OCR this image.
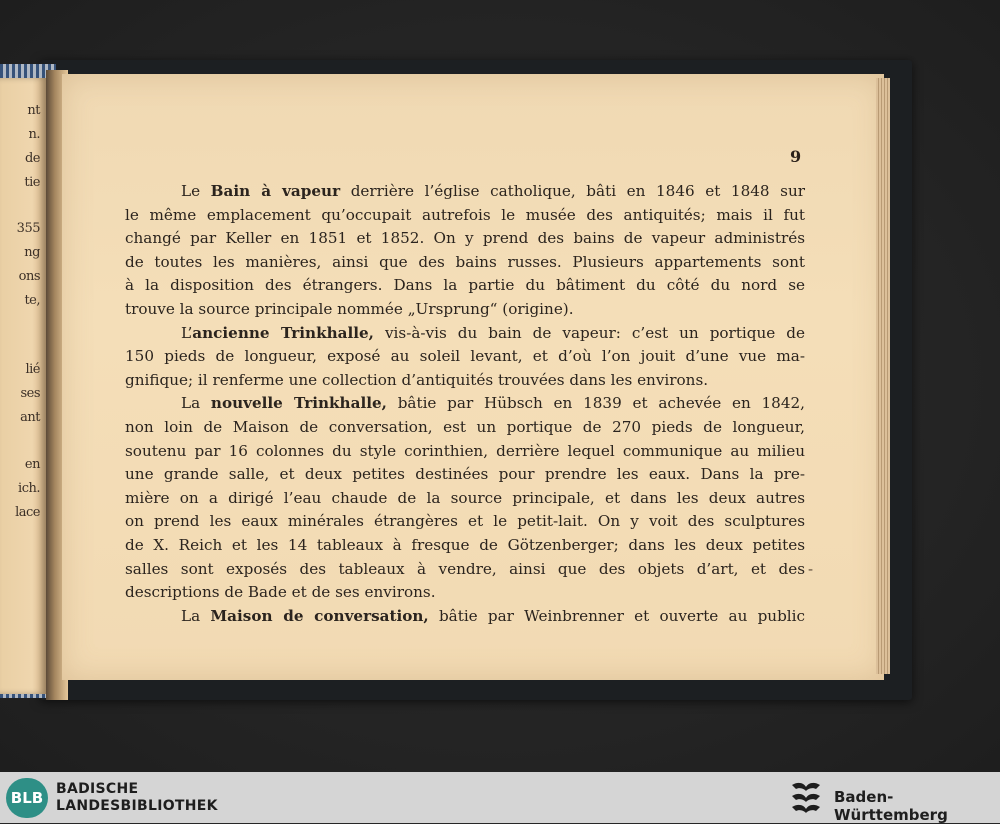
nt
n.
de
tie
355
ng
ons
te,
lié
ses
ant
en
ich.
lace
9
Le Bain à vapeur derrière l’église catholique, bâti en 1846 et 1848 sur
le même emplacement qu’occupait autrefois le musée des antiquités; mais il fut
changé par Keller en 1851 et 1852. On y prend des bains de vapeur administrés
de toutes les manières, ainsi que des bains russes. Plusieurs appartements sont
à la disposition des étrangers. Dans la partie du bâtiment du côté du nord se
trouve la source principale nommée „Ursprung“ (origine).
L’ancienne Trinkhalle, vis-à-vis du bain de vapeur: c’est un portique de
150 pieds de longueur, exposé au soleil levant, et d’où l’on jouit d’une vue ma-
gnifique; il renferme une collection d’antiquités trouvées dans les environs.
La nouvelle Trinkhalle, bâtie par Hübsch en 1839 et achevée en 1842,
non loin de Maison de conversation, est un portique de 270 pieds de longueur,
soutenu par 16 colonnes du style corinthien, derrière lequel communique au milieu
une grande salle, et deux petites destinées pour prendre les eaux. Dans la pre-
mière on a dirigé l’eau chaude de la source principale, et dans les deux autres
on prend les eaux minérales étrangères et le petit-lait. On y voit des sculptures
de X. Reich et les 14 tableaux à fresque de Götzenberger; dans les deux petites
salles sont exposés des tableaux à vendre, ainsi que des objets d’art, et des
descriptions de Bade et de ses environs.
La Maison de conversation, bâtie par Weinbrenner et ouverte au public
-
BLB BADISCHE
LANDESBIBLIOTHEK	Baden-Württemberg
